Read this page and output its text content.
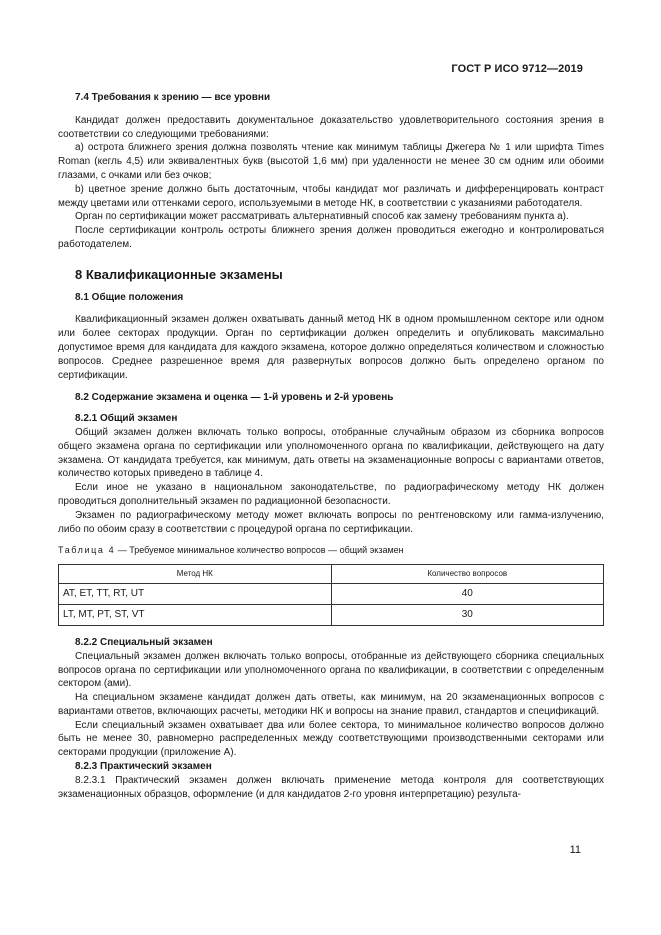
ГОСТ Р ИСО 9712—2019
7.4 Требования к зрению — все уровни

Кандидат должен предоставить документальное доказательство удовлетворительного состояния зрения в соответствии со следующими требованиями:

а) острота ближнего зрения должна позволять чтение как минимум таблицы Джегера № 1 или шрифта Times Roman (кегль 4,5) или эквивалентных букв (высотой 1,6 мм) при удаленности не менее 30 см одним или обоими глазами, с очками или без очков;

b) цветное зрение должно быть достаточным, чтобы кандидат мог различать и дифференцировать контраст между цветами или оттенками серого, используемыми в методе НК, в соответствии с указаниями работодателя.

Орган по сертификации может рассматривать альтернативный способ как замену требованиям пункта а).

После сертификации контроль остроты ближнего зрения должен проводиться ежегодно и контролироваться работодателем.

8 Квалификационные экзамены
8.1 Общие положения

Квалификационный экзамен должен охватывать данный метод НК в одном промышленном секторе или одном или более секторах продукции. Орган по сертификации должен определить и опубликовать максимально допустимое время для кандидата для каждого экзамена, которое должно определяться количеством и сложностью вопросов. Среднее разрешенное время для развернутых вопросов должно быть определено органом по сертификации.

8.2 Содержание экзамена и оценка — 1-й уровень и 2-й уровень
8.2.1 Общий экзамен

Общий экзамен должен включать только вопросы, отобранные случайным образом из сборника вопросов общего экзамена органа по сертификации или уполномоченного органа по квалификации, действующего на дату экзамена. От кандидата требуется, как минимум, дать ответы на экзаменационные вопросы с вариантами ответов, количество которых приведено в таблице 4.

Если иное не указано в национальном законодательстве, по радиографическому методу НК должен проводиться дополнительный экзамен по радиационной безопасности.

Экзамен по радиографическому методу может включать вопросы по рентгеновскому или гамма-излучению, либо по обоим сразу в соответствии с процедурой органа по сертификации.

Таблица 4 — Требуемое минимальное количество вопросов — общий экзамен
Метод НК	Количество вопросов
AT, ET, TT, RT, UT	40
LT, MT, PT, ST, VT	30
8.2.2 Специальный экзамен

Специальный экзамен должен включать только вопросы, отобранные из действующего сборника специальных вопросов органа по сертификации или уполномоченного органа по квалификации, в соответствии с определенным сектором (ами).

На специальном экзамене кандидат должен дать ответы, как минимум, на 20 экзаменационных вопросов с вариантами ответов, включающих расчеты, методики НК и вопросы на знание правил, стандартов и спецификаций.

Если специальный экзамен охватывает два или более сектора, то минимальное количество вопросов должно быть не менее 30, равномерно распределенных между соответствующими производственными секторами или секторами продукции (приложение А).

8.2.3 Практический экзамен

8.2.3.1 Практический экзамен должен включать применение метода контроля для соответствующих экзаменационных образцов, оформление (и для кандидатов 2-го уровня интерпретацию) результа-

11
